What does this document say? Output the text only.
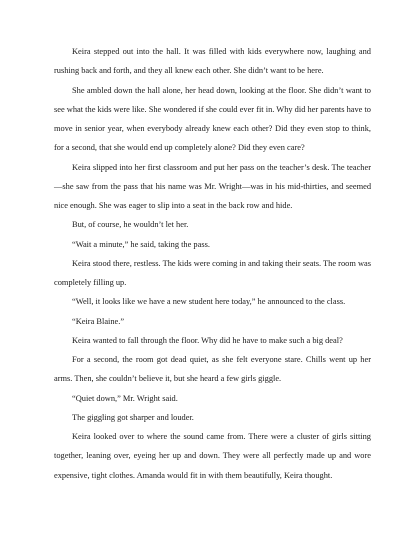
Keira stepped out into the hall. It was filled with kids everywhere now, laughing and rushing back and forth, and they all knew each other. She didn’t want to be here.

She ambled down the hall alone, her head down, looking at the floor. She didn’t want to see what the kids were like. She wondered if she could ever fit in. Why did her parents have to move in senior year, when everybody already knew each other? Did they even stop to think, for a second, that she would end up completely alone? Did they even care?

Keira slipped into her first classroom and put her pass on the teacher’s desk. The teacher—she saw from the pass that his name was Mr. Wright—was in his mid-thirties, and seemed nice enough. She was eager to slip into a seat in the back row and hide.

But, of course, he wouldn’t let her.

“Wait a minute,” he said, taking the pass.

Keira stood there, restless. The kids were coming in and taking their seats. The room was completely filling up.

“Well, it looks like we have a new student here today,” he announced to the class.

“Keira Blaine.”

Keira wanted to fall through the floor. Why did he have to make such a big deal?

For a second, the room got dead quiet, as she felt everyone stare. Chills went up her arms. Then, she couldn’t believe it, but she heard a few girls giggle.

“Quiet down,” Mr. Wright said.

The giggling got sharper and louder.

Keira looked over to where the sound came from. There were a cluster of girls sitting together, leaning over, eyeing her up and down. They were all perfectly made up and wore expensive, tight clothes. Amanda would fit in with them beautifully, Keira thought.
